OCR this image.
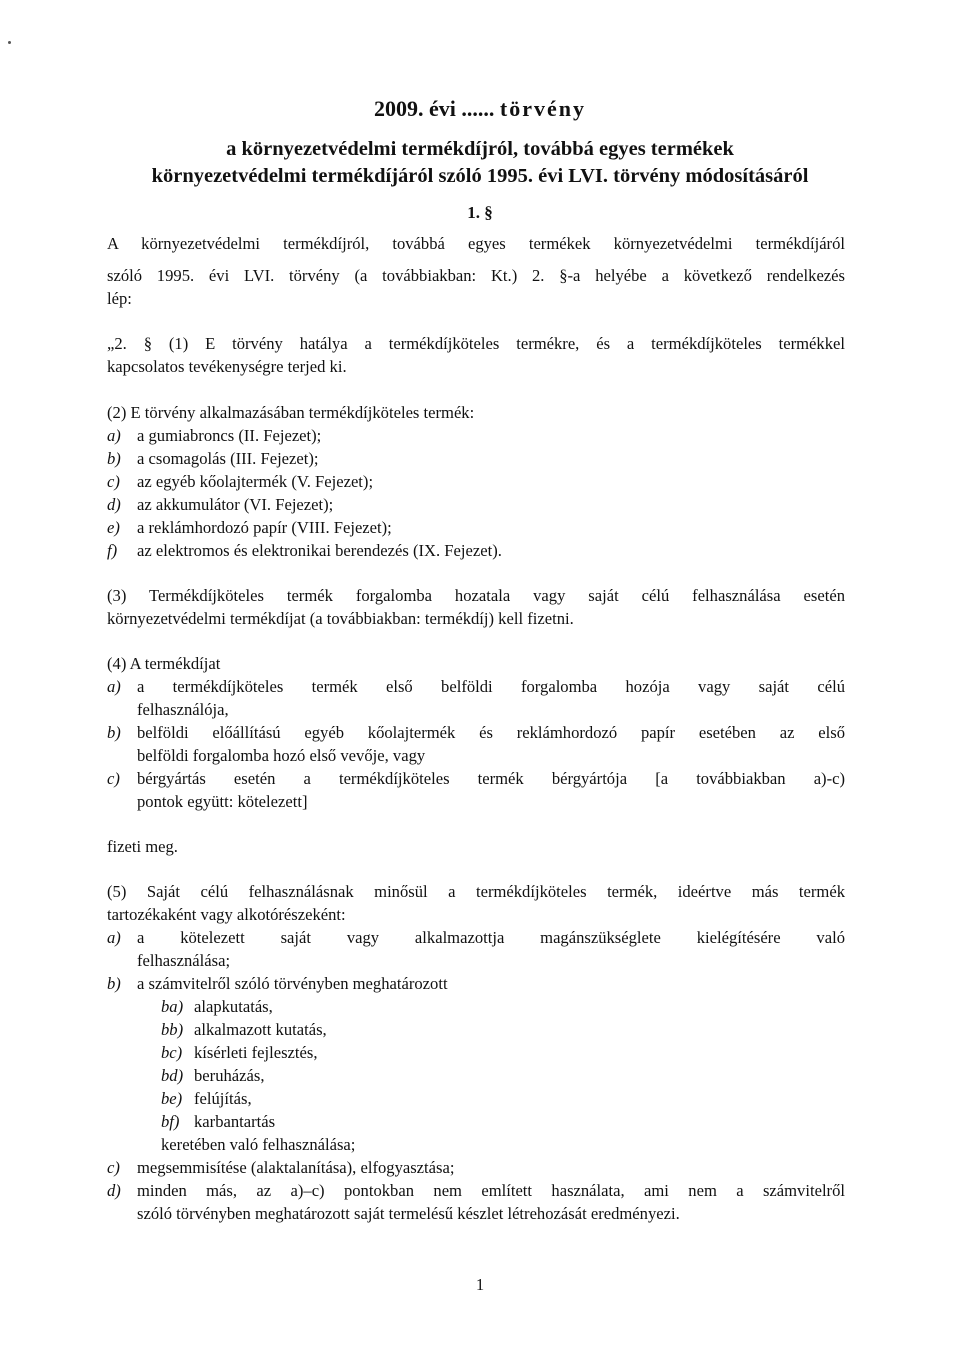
2009. évi ...... törvény
a környezetvédelmi termékdíjról, továbbá egyes termékek
környezetvédelmi termékdíjáról szóló 1995. évi LVI. törvény módosításáról
1. §
A környezetvédelmi termékdíjról, továbbá egyes termékek környezetvédelmi termékdíjáról
szóló 1995. évi LVI. törvény (a továbbiakban: Kt.) 2. §-a helyébe a következő rendelkezés
lép:
„2. § (1) E törvény hatálya a termékdíjköteles termékre, és a termékdíjköteles termékkel
kapcsolatos tevékenységre terjed ki.
(2) E törvény alkalmazásában termékdíjköteles termék:
a) a gumiabroncs (II. Fejezet);
b) a csomagolás (III. Fejezet);
c) az egyéb kőolajtermék (V. Fejezet);
d) az akkumulátor (VI. Fejezet);
e) a reklámhordozó papír (VIII. Fejezet);
f) az elektromos és elektronikai berendezés (IX. Fejezet).
(3) Termékdíjköteles termék forgalomba hozatala vagy saját célú felhasználása esetén
környezetvédelmi termékdíjat (a továbbiakban: termékdíj) kell fizetni.
(4) A termékdíjat
a) a termékdíjköteles termék első belföldi forgalomba hozója vagy saját célú
felhasználója,
b) belföldi előállítású egyéb kőolajtermék és reklámhordozó papír esetében az első
belföldi forgalomba hozó első vevője, vagy
c) bérgyártás esetén a termékdíjköteles termék bérgyártója [a továbbiakban a)-c)
pontok együtt: kötelezett]
fizeti meg.
(5) Saját célú felhasználásnak minősül a termékdíjköteles termék, ideértve más termék
tartozékaként vagy alkotórészeként:
a) a kötelezett saját vagy alkalmazottja magánszükséglete kielégítésére való
felhasználása;
b) a számvitelről szóló törvényben meghatározott
ba) alapkutatás,
bb) alkalmazott kutatás,
bc) kísérleti fejlesztés,
bd) beruházás,
be) felújítás,
bf) karbantartás
keretében való felhasználása;
c) megsemmisítése (alaktalanítása), elfogyasztása;
d) minden más, az a)–c) pontokban nem említett használata, ami nem a számvitelről
szóló törvényben meghatározott saját termelésű készlet létrehozását eredményezi.
1
